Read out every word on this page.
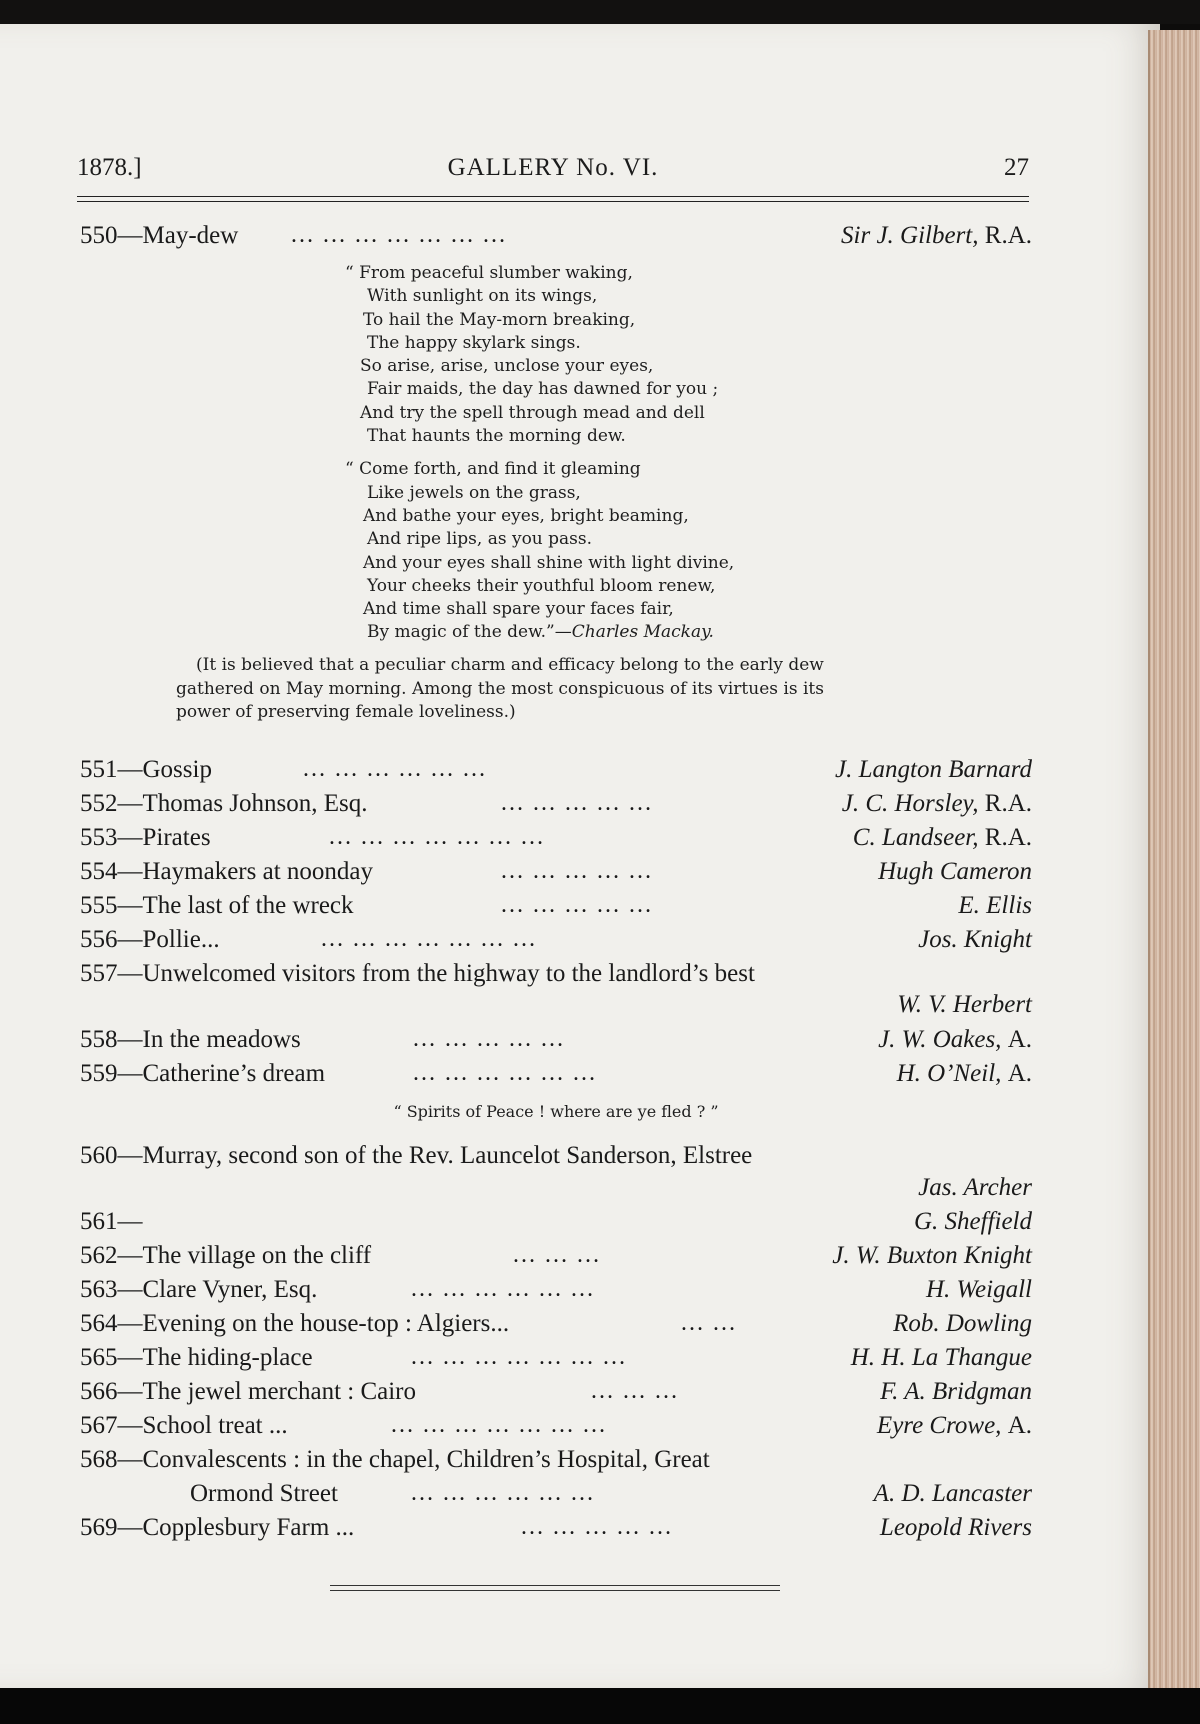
1878.]	GALLERY No. VI.	27
550—May-dew … … … … … … …	Sir J. Gilbert, R.A.
“ From peaceful slumber waking,
With sunlight on its wings,
To hail the May-morn breaking,
The happy skylark sings.
So arise, arise, unclose your eyes,
Fair maids, the day has dawned for you ;
And try the spell through mead and dell
That haunts the morning dew.
“ Come forth, and find it gleaming
Like jewels on the grass,
And bathe your eyes, bright beaming,
And ripe lips, as you pass.
And your eyes shall shine with light divine,
Your cheeks their youthful bloom renew,
And time shall spare your faces fair,
By magic of the dew.”—Charles Mackay.
(It is believed that a peculiar charm and efficacy belong to the early dew
gathered on May morning. Among the most conspicuous of its virtues is its
power of preserving female loveliness.)
551—Gossip	… … … … … …	J. Langton Barnard
552—Thomas Johnson, Esq.	… … … … …	J. C. Horsley, R.A.
553—Pirates	… … … … … … …	C. Landseer, R.A.
554—Haymakers at noonday	… … … … …	Hugh Cameron
555—The last of the wreck	… … … … …	E. Ellis
556—Pollie...	… … … … … … …	Jos. Knight
557—Unwelcomed visitors from the highway to the landlord’s best
W. V. Herbert
558—In the meadows	… … … … …	J. W. Oakes, A.
559—Catherine’s dream	… … … … … …	H. O’Neil, A.
“ Spirits of Peace ! where are ye fled ? ”
560—Murray, second son of the Rev. Launcelot Sanderson, Elstree
Jas. Archer
561—	G. Sheffield
562—The village on the cliff	… … …	J. W. Buxton Knight
563—Clare Vyner, Esq.	… … … … … …	H. Weigall
564—Evening on the house-top : Algiers...	… …	Rob. Dowling
565—The hiding-place	… … … … … … …	H. H. La Thangue
566—The jewel merchant : Cairo	… … …	F. A. Bridgman
567—School treat ...	… … … … … … …	Eyre Crowe, A.
568—Convalescents : in the chapel, Children’s Hospital, Great
Ormond Street	… … … … … …	A. D. Lancaster
569—Copplesbury Farm ...	… … … … …	Leopold Rivers
